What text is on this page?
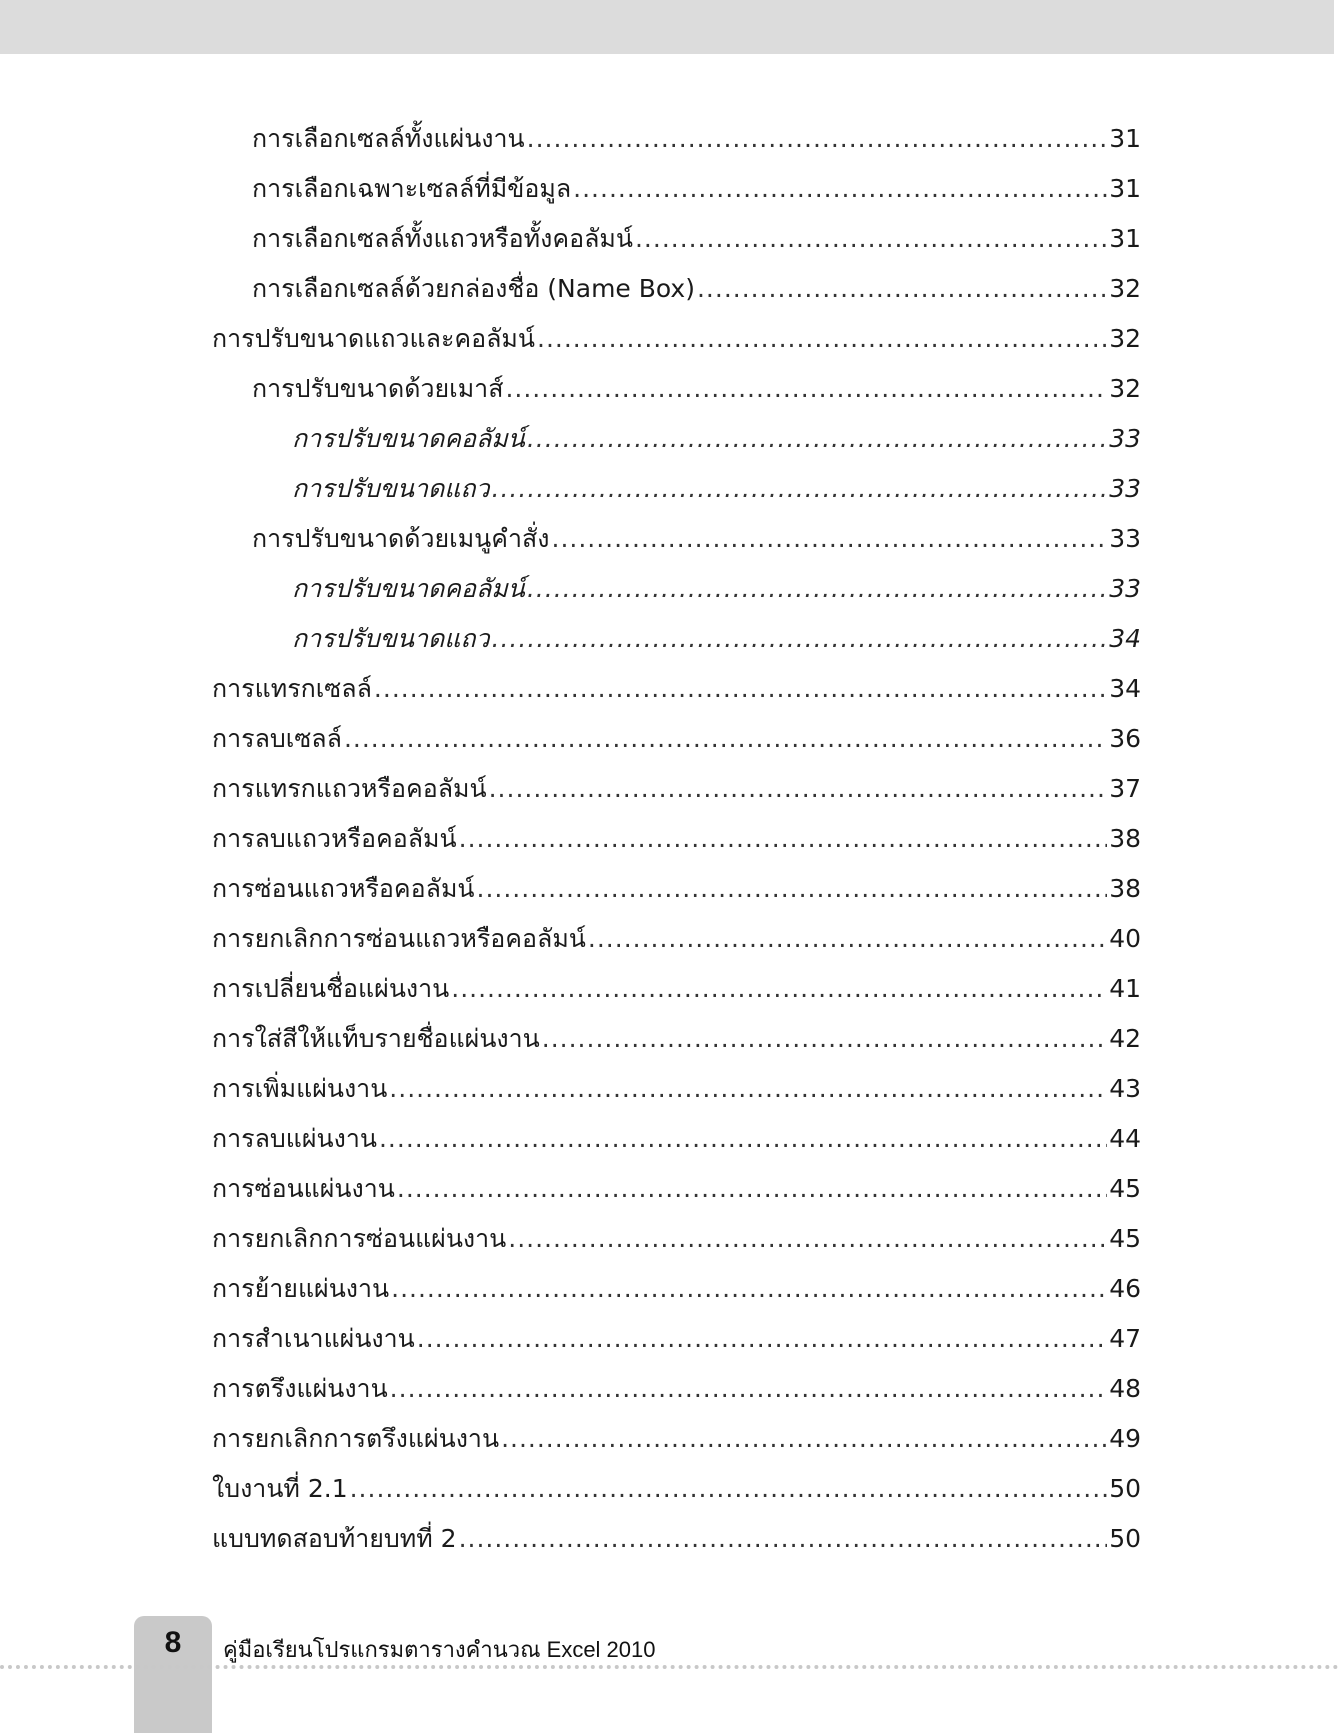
การเลือกเซลล์ทั้งแผ่นงาน .....	31
การเลือกเฉพาะเซลล์ที่มีข้อมูล .....	31
การเลือกเซลล์ทั้งแถวหรือทั้งคอลัมน์ .....	31
การเลือกเซลล์ด้วยกล่องชื่อ (Name Box) .....	32
การปรับขนาดแถวและคอลัมน์ .....	32
การปรับขนาดด้วยเมาส์ .....	32
การปรับขนาดคอลัมน์ .....	33
การปรับขนาดแถว .....	33
การปรับขนาดด้วยเมนูคำสั่ง .....	33
การปรับขนาดคอลัมน์ .....	33
การปรับขนาดแถว .....	34
การแทรกเซลล์ .....	34
การลบเซลล์ .....	36
การแทรกแถวหรือคอลัมน์ .....	37
การลบแถวหรือคอลัมน์ .....	38
การซ่อนแถวหรือคอลัมน์ .....	38
การยกเลิกการซ่อนแถวหรือคอลัมน์ .....	40
การเปลี่ยนชื่อแผ่นงาน .....	41
การใส่สีให้แท็บรายชื่อแผ่นงาน .....	42
การเพิ่มแผ่นงาน .....	43
การลบแผ่นงาน .....	44
การซ่อนแผ่นงาน .....	45
การยกเลิกการซ่อนแผ่นงาน .....	45
การย้ายแผ่นงาน .....	46
การสำเนาแผ่นงาน .....	47
การตรึงแผ่นงาน .....	48
การยกเลิกการตรึงแผ่นงาน .....	49
ใบงานที่ 2.1 .....	50
แบบทดสอบท้ายบทที่ 2 .....	50
8	คู่มือเรียนโปรแกรมตารางคำนวณ Excel 2010
